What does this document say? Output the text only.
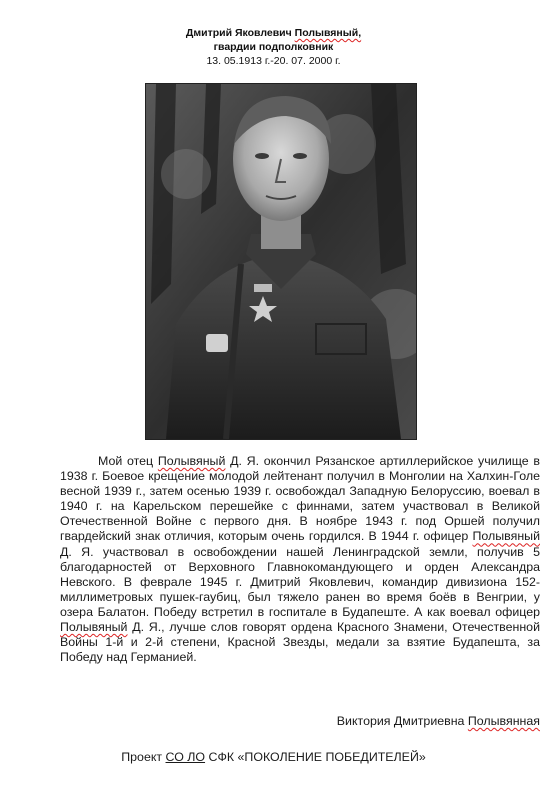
Дмитрий Яковлевич Полывяный,
гвардии подполковник
13. 05.1913 г.-20. 07. 2000 г.

Мой отец Полывяный Д. Я. окончил Рязанское артиллерийское училище в 1938 г. Боевое крещение молодой лейтенант получил в Монголии на Халхин-Голе весной 1939 г., затем осенью 1939 г. освобождал Западную Белоруссию, воевал в 1940 г. на Карельском перешейке с финнами, затем участвовал в Великой Отечественной Войне с первого дня. В ноябре 1943 г. под Оршей получил гвардейский знак отличия, которым очень гордился. В 1944 г. офицер Полывяный Д. Я. участвовал в освобождении нашей Ленинградской земли, получив 5 благодарностей от Верховного Главнокомандующего и орден Александра Невского. В феврале 1945 г. Дмитрий Яковлевич, командир дивизиона 152-миллиметровых пушек-гаубиц, был тяжело ранен во время боёв в Венгрии, у озера Балатон. Победу встретил в госпитале в Будапеште. А как воевал офицер Полывяный Д. Я., лучше слов говорят ордена Красного Знамени, Отечественной Войны 1-й и 2-й степени, Красной Звезды, медали за взятие Будапешта, за Победу над Германией.

Виктория Дмитриевна Полывянная
Проект СО ЛО СФК «ПОКОЛЕНИЕ ПОБЕДИТЕЛЕЙ»
